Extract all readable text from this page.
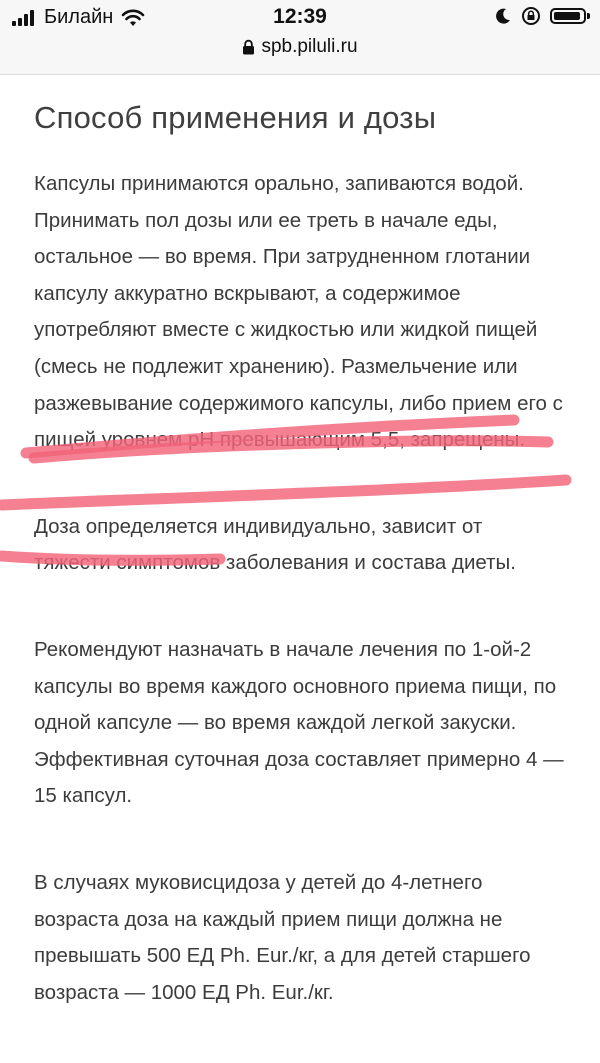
Билайн	12:39
spb.piluli.ru
Способ применения и дозы

Капсулы принимаются орально, запиваются водой. Принимать пол дозы или ее треть в начале еды, остальное — во время. При затрудненном глотании капсулу аккуратно вскрывают, а содержимое употребляют вместе с жидкостью или жидкой пищей (смесь не подлежит хранению). Размельчение или разжевывание содержимого капсулы, либо прием его с пищей уровнем pH превышающим 5,5, запрещены.

Доза определяется индивидуально, зависит от тяжести симптомов заболевания и состава диеты.

Рекомендуют назначать в начале лечения по 1-ой-2 капсулы во время каждого основного приема пищи, по одной капсуле — во время каждой легкой закуски. Эффективная суточная доза составляет примерно 4 — 15 капсул.

В случаях муковисцидоза у детей до 4-летнего возраста доза на каждый прием пищи должна не превышать 500 ЕД Ph. Eur./кг, а для детей старшего возраста — 1000 ЕД Ph. Eur./кг.
